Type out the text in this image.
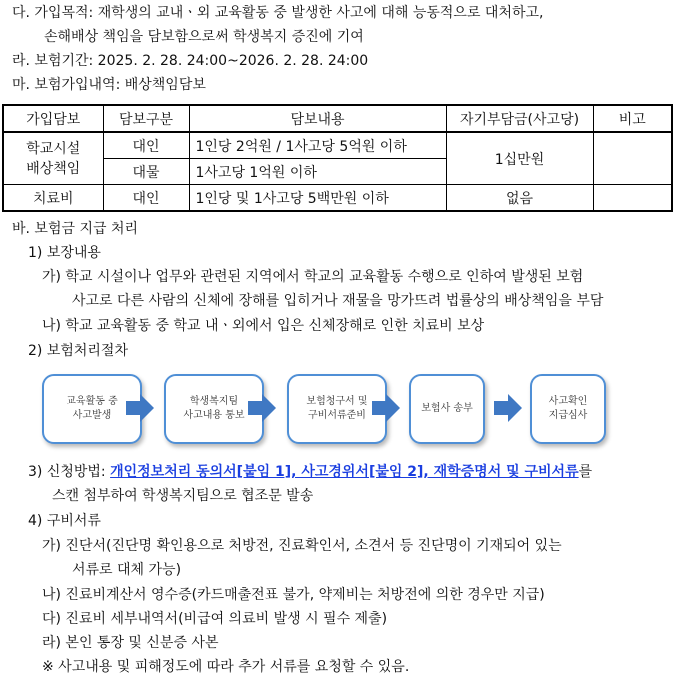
다. 가입목적: 재학생의 교내ㆍ외 교육활동 중 발생한 사고에 대해 능동적으로 대처하고,
손해배상 책임을 담보함으로써 학생복지 증진에 기여
라. 보험기간: 2025. 2. 28. 24:00~2026. 2. 28. 24:00
마. 보험가입내역: 배상책임담보
가입담보	담보구분	담보내용	자기부담금(사고당)	비고
학교시설
배상책임	대인	1인당 2억원 / 1사고당 5억원 이하	1십만원	
	대물	1사고당 1억원 이하		
치료비	대인	1인당 및 1사고당 5백만원 이하	없음	
바. 보험금 지급 처리
1) 보장내용
가) 학교 시설이나 업무와 관련된 지역에서 학교의 교육활동 수행으로 인하여 발생된 보험
사고로 다른 사람의 신체에 장해를 입히거나 재물을 망가뜨려 법률상의 배상책임을 부담
나) 학교 교육활동 중 학교 내ㆍ외에서 입은 신체장해로 인한 치료비 보상
2) 보험처리절차
교육활동 중
사고발생
학생복지팀
사고내용 통보
보험청구서 및
구비서류준비
보험사 송부
사고확인
지급심사
3) 신청방법: 개인정보처리 동의서[붙임 1], 사고경위서[붙임 2], 재학증명서 및 구비서류를
스캔 첨부하여 학생복지팀으로 협조문 발송
4) 구비서류
가) 진단서(진단명 확인용으로 처방전, 진료확인서, 소견서 등 진단명이 기재되어 있는
서류로 대체 가능)
나) 진료비계산서 영수증(카드매출전표 불가, 약제비는 처방전에 의한 경우만 지급)
다) 진료비 세부내역서(비급여 의료비 발생 시 필수 제출)
라) 본인 통장 및 신분증 사본
※ 사고내용 및 피해정도에 따라 추가 서류를 요청할 수 있음.
